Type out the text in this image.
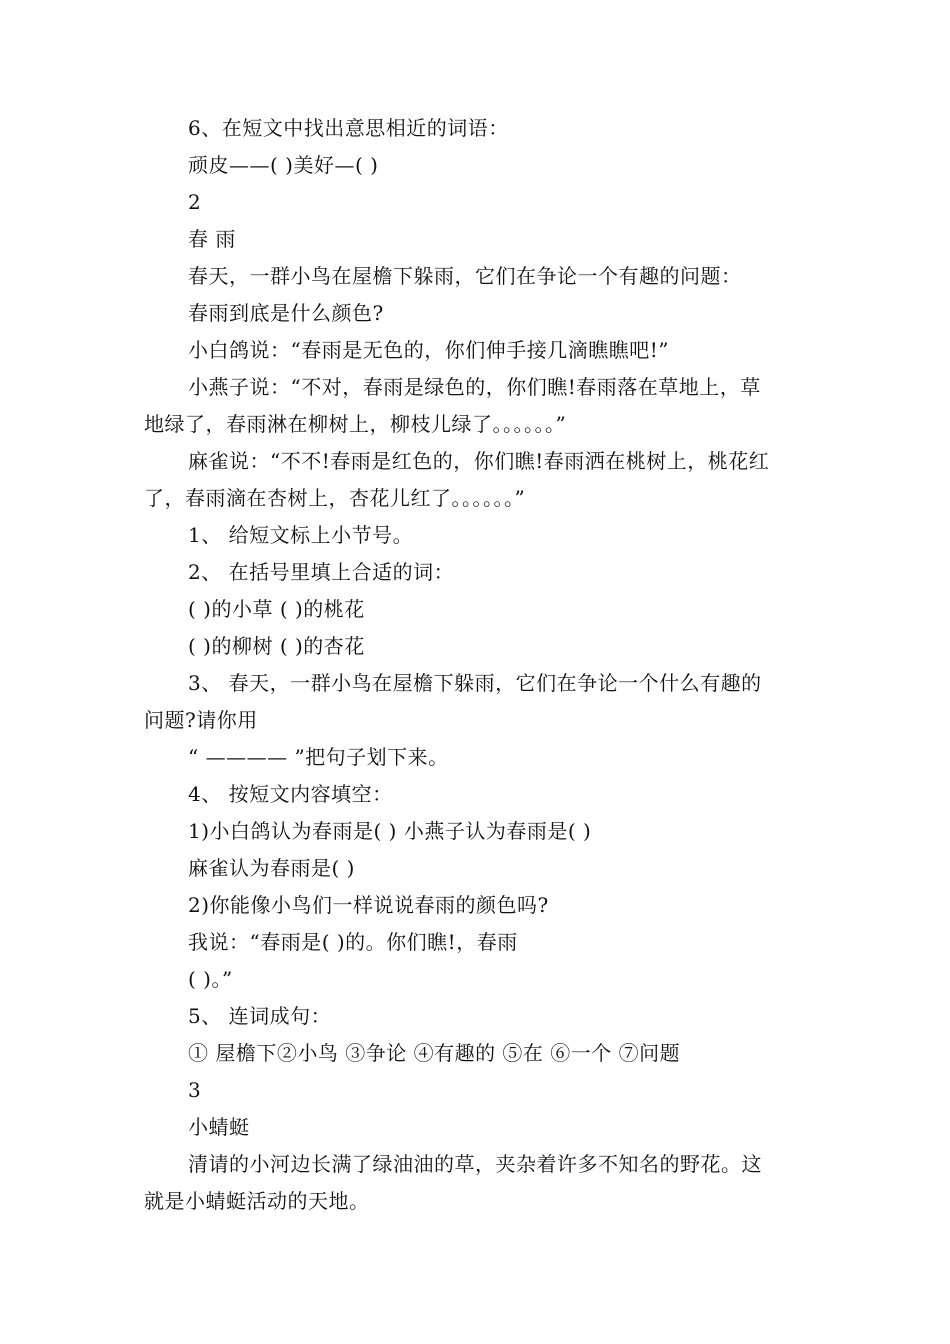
6、在短文中找出意思相近的词语：
顽皮——( )美好—( )
2
春 雨
春天，一群小鸟在屋檐下躲雨，它们在争论一个有趣的问题：
春雨到底是什么颜色?
小白鸽说：“春雨是无色的，你们伸手接几滴瞧瞧吧!”
小燕子说：“不对，春雨是绿色的，你们瞧!春雨落在草地上，草
地绿了，春雨淋在柳树上，柳枝儿绿了。。。。。。”
麻雀说：“不不!春雨是红色的，你们瞧!春雨洒在桃树上，桃花红
了，春雨滴在杏树上，杏花儿红了。。。。。。”
1、 给短文标上小节号。
2、 在括号里填上合适的词：
( )的小草 ( )的桃花
( )的柳树 ( )的杏花
3、 春天，一群小鸟在屋檐下躲雨，它们在争论一个什么有趣的
问题?请你用
“ ———— ”把句子划下来。
4、 按短文内容填空：
1)小白鸽认为春雨是( ) 小燕子认为春雨是( )
麻雀认为春雨是( )
2)你能像小鸟们一样说说春雨的颜色吗?
我说：“春雨是( )的。你们瞧!，春雨
( )。”
5、 连词成句：
① 屋檐下②小鸟 ③争论 ④有趣的 ⑤在 ⑥一个 ⑦问题
3
小蜻蜓
清请的小河边长满了绿油油的草，夹杂着许多不知名的野花。这
就是小蜻蜓活动的天地。
